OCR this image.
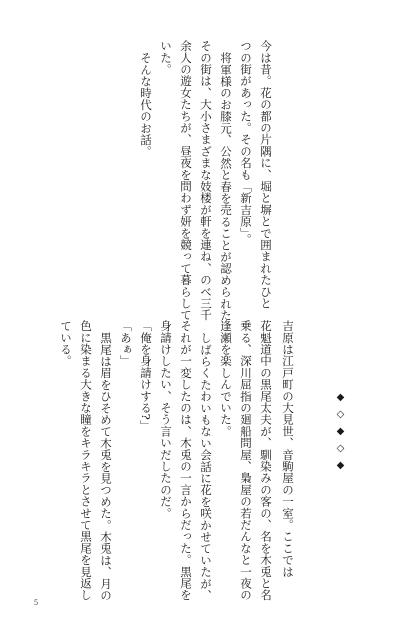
今は昔。花の都の片隅に、堀と塀とで囲まれたひと
つの街があった。その名も「新吉原」。
将軍様のお膝元、公然と春を売ることが認められた
その街は、大小さまざまな妓楼が軒を連ね、のべ三千
余人の遊女たちが、昼夜を問わず妍を競って暮らして
いた。
そんな時代のお話。
◆◇◆◇◆
吉原は江戸町の大見世、音駒屋の一室。ここでは
花魁道中の黒尾太夫が、馴染みの客の、名を木兎と名
乗る、深川屈指の廻船問屋、梟屋の若だんなと一夜の
逢瀬を楽しんでいた。
しばらくたわいもない会話に花を咲かせていたが、
それが一変したのは、木兎の一言からだった。黒尾を
身請けしたい、そう言いだしたのだ。
「俺を身請けする?」
「あぁ」
黒尾は眉をひそめて木兎を見つめた。木兎は、月の
色に染まる大きな瞳をキラキラとさせて黒尾を見返し
ている。
5
